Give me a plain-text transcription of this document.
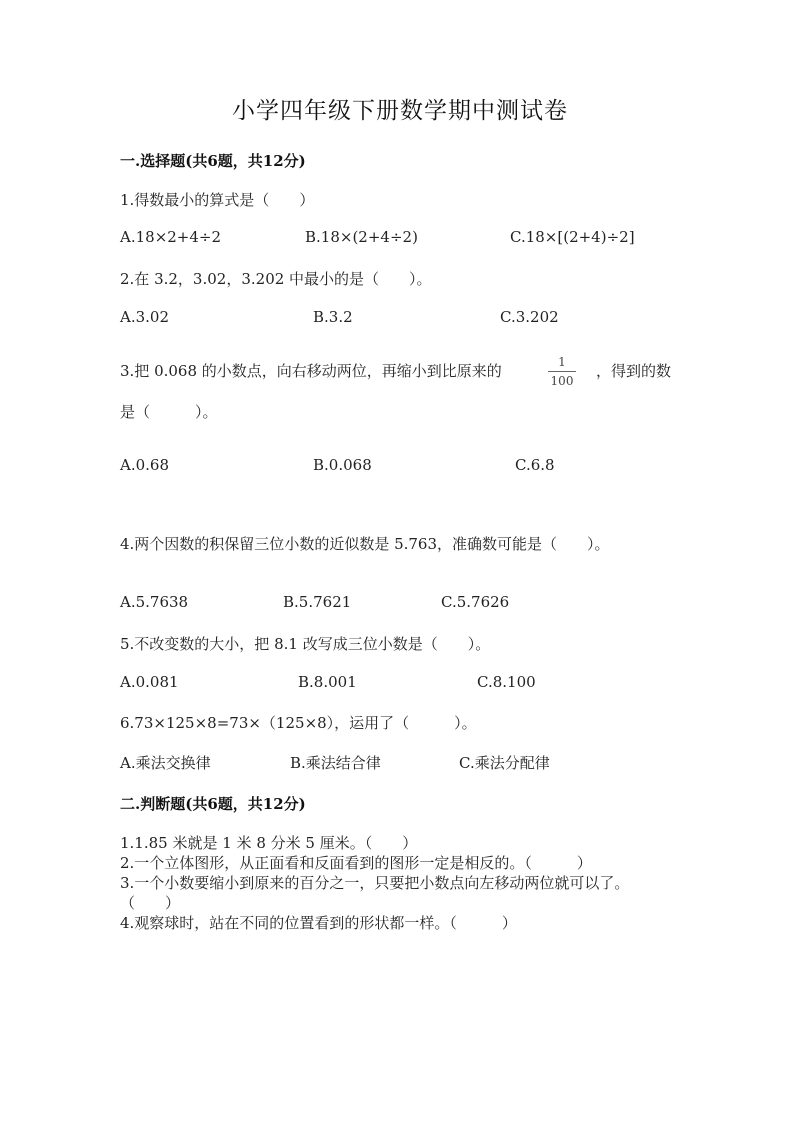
小学四年级下册数学期中测试卷
一.选择题(共6题，共12分)
1.得数最小的算式是（　　）
A.18×2+4÷2	B.18×(2+4÷2)	C.18×[(2+4)÷2]
2.在 3.2，3.02，3.202 中最小的是（　　）。
A.3.02	B.3.2	C.3.202
3.把 0.068 的小数点，向右移动两位，再缩小到比原来的	1
100
，得到的数
是（　　　）。
A.0.68	B.0.068	C.6.8
4.两个因数的积保留三位小数的近似数是 5.763，准确数可能是（　　）。
A.5.7638	B.5.7621	C.5.7626
5.不改变数的大小，把 8.1 改写成三位小数是（　　）。
A.0.081	B.8.001	C.8.100
6.73×125×8=73×（125×8），运用了（　　　）。
A.乘法交换律	B.乘法结合律	C.乘法分配律
二.判断题(共6题，共12分)
1.1.85 米就是 1 米 8 分米 5 厘米。（　　）
2.一个立体图形，从正面看和反面看到的图形一定是相反的。（　　　）
3.一个小数要缩小到原来的百分之一，只要把小数点向左移动两位就可以了。
（　　）
4.观察球时，站在不同的位置看到的形状都一样。（　　　）
